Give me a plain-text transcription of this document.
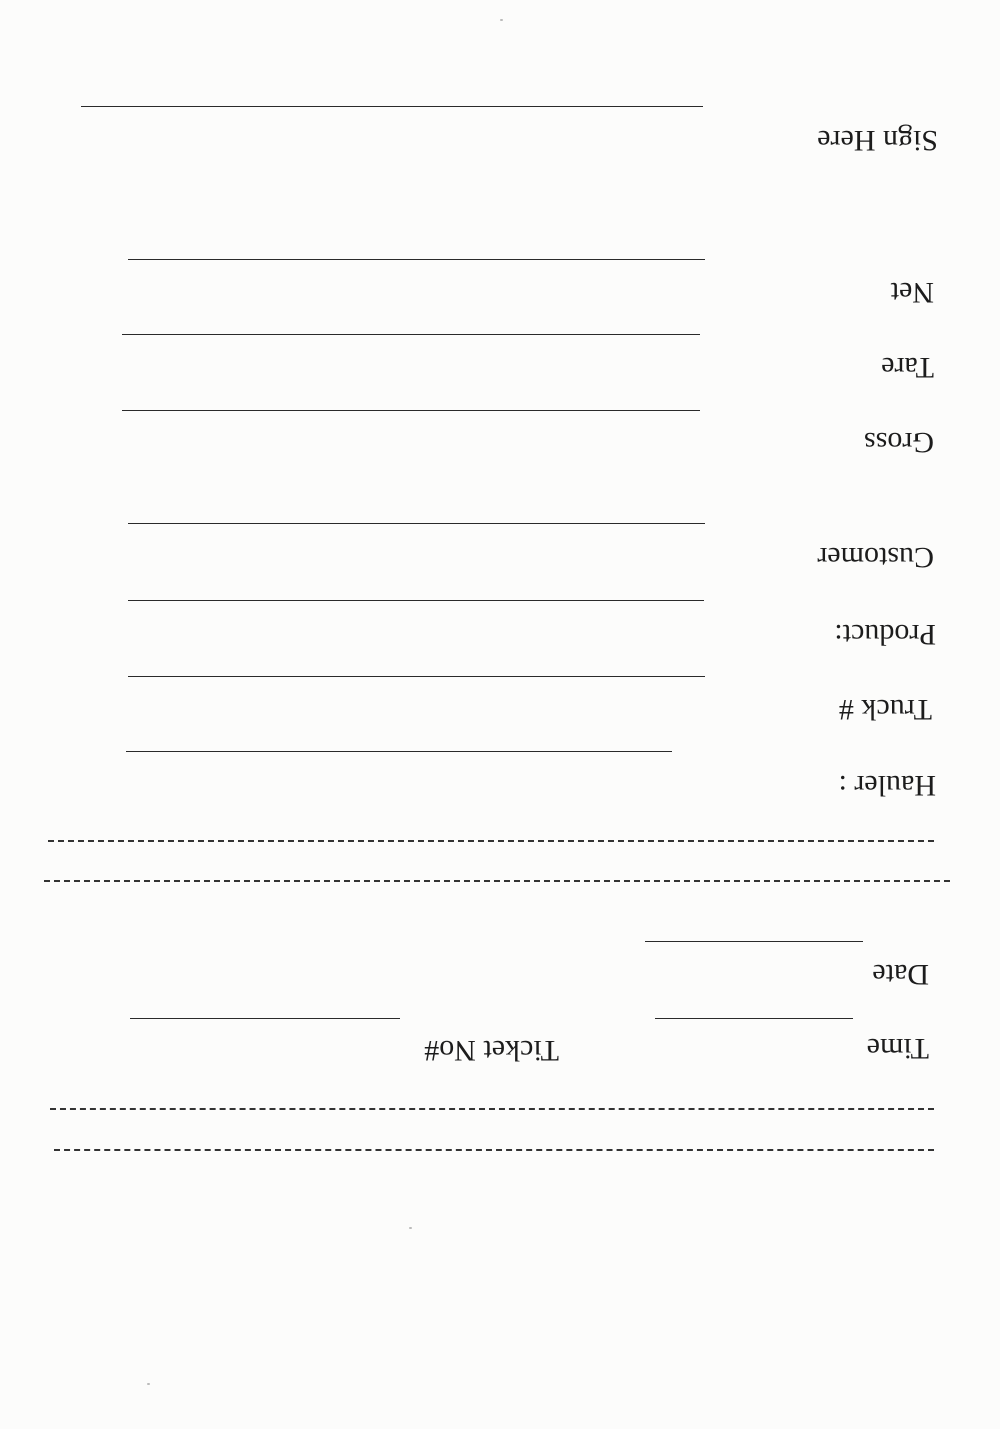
Time
Ticket No#
Date
Hauler :
Truck #
Product:
Customer
Gross
Tare
Net
Sign Here
